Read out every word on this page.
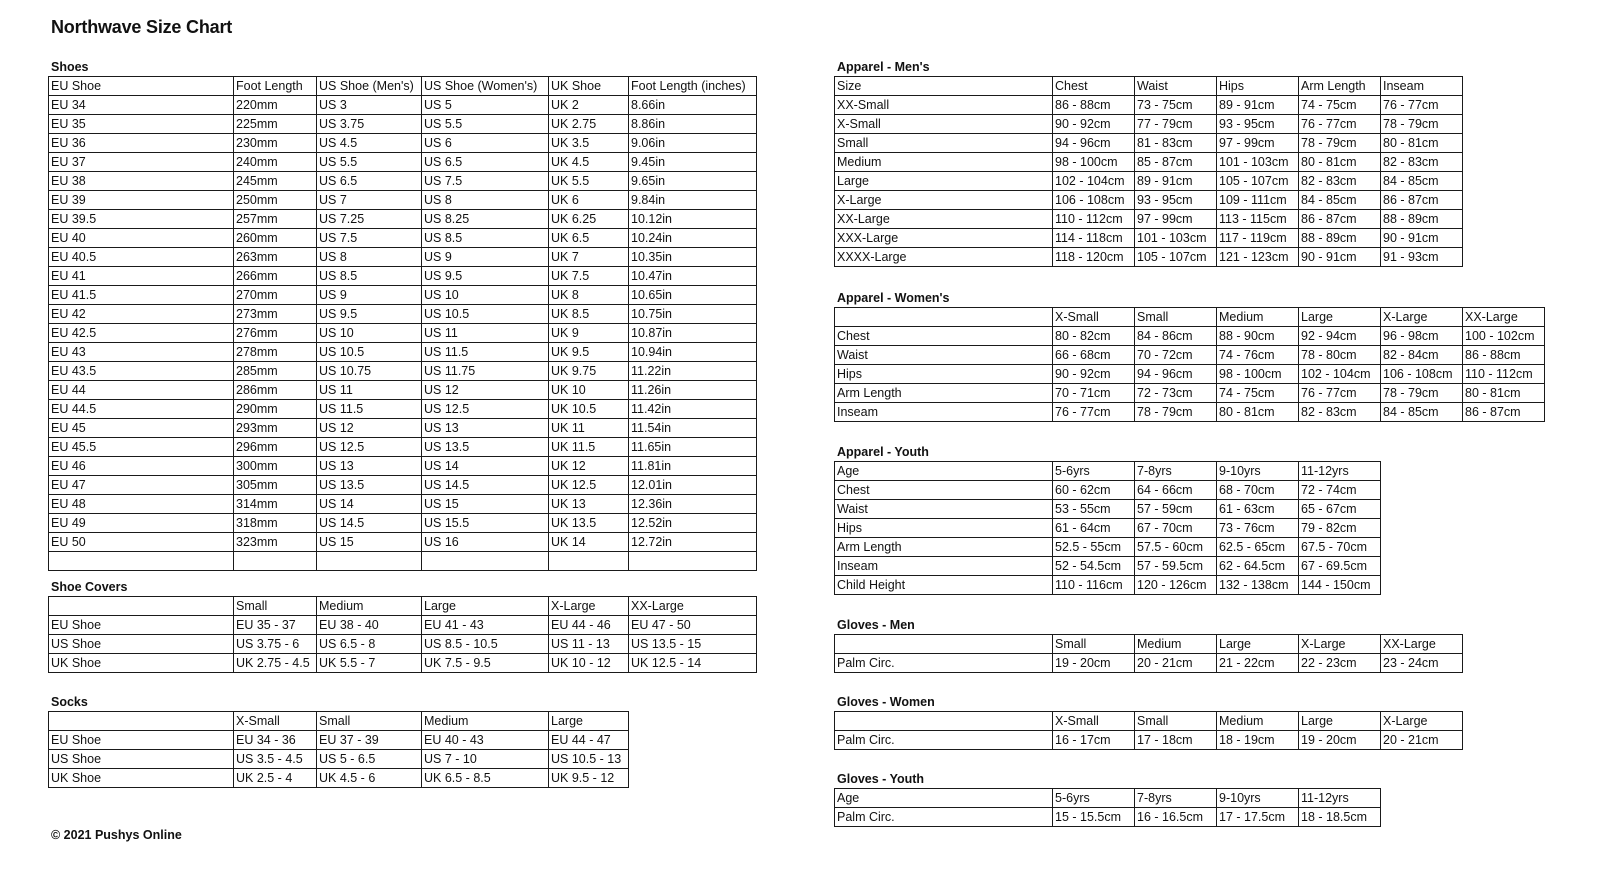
Northwave Size Chart
Shoes
EU Shoe	Foot Length	US Shoe (Men's)	US Shoe (Women's)	UK Shoe	Foot Length (inches)
EU 34	220mm	US 3	US 5	UK 2	8.66in
EU 35	225mm	US 3.75	US 5.5	UK 2.75	8.86in
EU 36	230mm	US 4.5	US 6	UK 3.5	9.06in
EU 37	240mm	US 5.5	US 6.5	UK 4.5	9.45in
EU 38	245mm	US 6.5	US 7.5	UK 5.5	9.65in
EU 39	250mm	US 7	US 8	UK 6	9.84in
EU 39.5	257mm	US 7.25	US 8.25	UK 6.25	10.12in
EU 40	260mm	US 7.5	US 8.5	UK 6.5	10.24in
EU 40.5	263mm	US 8	US 9	UK 7	10.35in
EU 41	266mm	US 8.5	US 9.5	UK 7.5	10.47in
EU 41.5	270mm	US 9	US 10	UK 8	10.65in
EU 42	273mm	US 9.5	US 10.5	UK 8.5	10.75in
EU 42.5	276mm	US 10	US 11	UK 9	10.87in
EU 43	278mm	US 10.5	US 11.5	UK 9.5	10.94in
EU 43.5	285mm	US 10.75	US 11.75	UK 9.75	11.22in
EU 44	286mm	US 11	US 12	UK 10	11.26in
EU 44.5	290mm	US 11.5	US 12.5	UK 10.5	11.42in
EU 45	293mm	US 12	US 13	UK 11	11.54in
EU 45.5	296mm	US 12.5	US 13.5	UK 11.5	11.65in
EU 46	300mm	US 13	US 14	UK 12	11.81in
EU 47	305mm	US 13.5	US 14.5	UK 12.5	12.01in
EU 48	314mm	US 14	US 15	UK 13	12.36in
EU 49	318mm	US 14.5	US 15.5	UK 13.5	12.52in
EU 50	323mm	US 15	US 16	UK 14	12.72in

Shoe Covers
	Small	Medium	Large	X-Large	XX-Large
EU Shoe	EU 35 - 37	EU 38 - 40	EU 41 - 43	EU 44 - 46	EU 47 - 50
US Shoe	US 3.75 - 6	US 6.5 - 8	US 8.5 - 10.5	US 11 - 13	US 13.5 - 15
UK Shoe	UK 2.75 - 4.5	UK 5.5 - 7	UK 7.5 - 9.5	UK 10 - 12	UK 12.5 - 14
Socks
	X-Small	Small	Medium	Large
EU Shoe	EU 34 - 36	EU 37 - 39	EU 40 - 43	EU 44 - 47
US Shoe	US 3.5 - 4.5	US 5 - 6.5	US 7 - 10	US 10.5 - 13
UK Shoe	UK 2.5 - 4	UK 4.5 - 6	UK 6.5 - 8.5	UK 9.5 - 12
© 2021 Pushys Online
Apparel - Men's
Size	Chest	Waist	Hips	Arm Length	Inseam
XX-Small	86 - 88cm	73 - 75cm	89 - 91cm	74 - 75cm	76 - 77cm
X-Small	90 - 92cm	77 - 79cm	93 - 95cm	76 - 77cm	78 - 79cm
Small	94 - 96cm	81 - 83cm	97 - 99cm	78 - 79cm	80 - 81cm
Medium	98 - 100cm	85 - 87cm	101 - 103cm	80 - 81cm	82 - 83cm
Large	102 - 104cm	89 - 91cm	105 - 107cm	82 - 83cm	84 - 85cm
X-Large	106 - 108cm	93 - 95cm	109 - 111cm	84 - 85cm	86 - 87cm
XX-Large	110 - 112cm	97 - 99cm	113 - 115cm	86 - 87cm	88 - 89cm
XXX-Large	114 - 118cm	101 - 103cm	117 - 119cm	88 - 89cm	90 - 91cm
XXXX-Large	118 - 120cm	105 - 107cm	121 - 123cm	90 - 91cm	91 - 93cm
Apparel - Women's
	X-Small	Small	Medium	Large	X-Large	XX-Large
Chest	80 - 82cm	84 - 86cm	88 - 90cm	92 - 94cm	96 - 98cm	100 - 102cm
Waist	66 - 68cm	70 - 72cm	74 - 76cm	78 - 80cm	82 - 84cm	86 - 88cm
Hips	90 - 92cm	94 - 96cm	98 - 100cm	102 - 104cm	106 - 108cm	110 - 112cm
Arm Length	70 - 71cm	72 - 73cm	74 - 75cm	76 - 77cm	78 - 79cm	80 - 81cm
Inseam	76 - 77cm	78 - 79cm	80 - 81cm	82 - 83cm	84 - 85cm	86 - 87cm
Apparel - Youth
Age	5-6yrs	7-8yrs	9-10yrs	11-12yrs
Chest	60 - 62cm	64 - 66cm	68 - 70cm	72 - 74cm
Waist	53 - 55cm	57 - 59cm	61 - 63cm	65 - 67cm
Hips	61 - 64cm	67 - 70cm	73 - 76cm	79 - 82cm
Arm Length	52.5 - 55cm	57.5 - 60cm	62.5 - 65cm	67.5 - 70cm
Inseam	52 - 54.5cm	57 - 59.5cm	62 - 64.5cm	67 - 69.5cm
Child Height	110 - 116cm	120 - 126cm	132 - 138cm	144 - 150cm
Gloves - Men
	Small	Medium	Large	X-Large	XX-Large
Palm Circ.	19 - 20cm	20 - 21cm	21 - 22cm	22 - 23cm	23 - 24cm
Gloves - Women
	X-Small	Small	Medium	Large	X-Large
Palm Circ.	16 - 17cm	17 - 18cm	18 - 19cm	19 - 20cm	20 - 21cm
Gloves - Youth
Age	5-6yrs	7-8yrs	9-10yrs	11-12yrs
Palm Circ.	15 - 15.5cm	16 - 16.5cm	17 - 17.5cm	18 - 18.5cm
